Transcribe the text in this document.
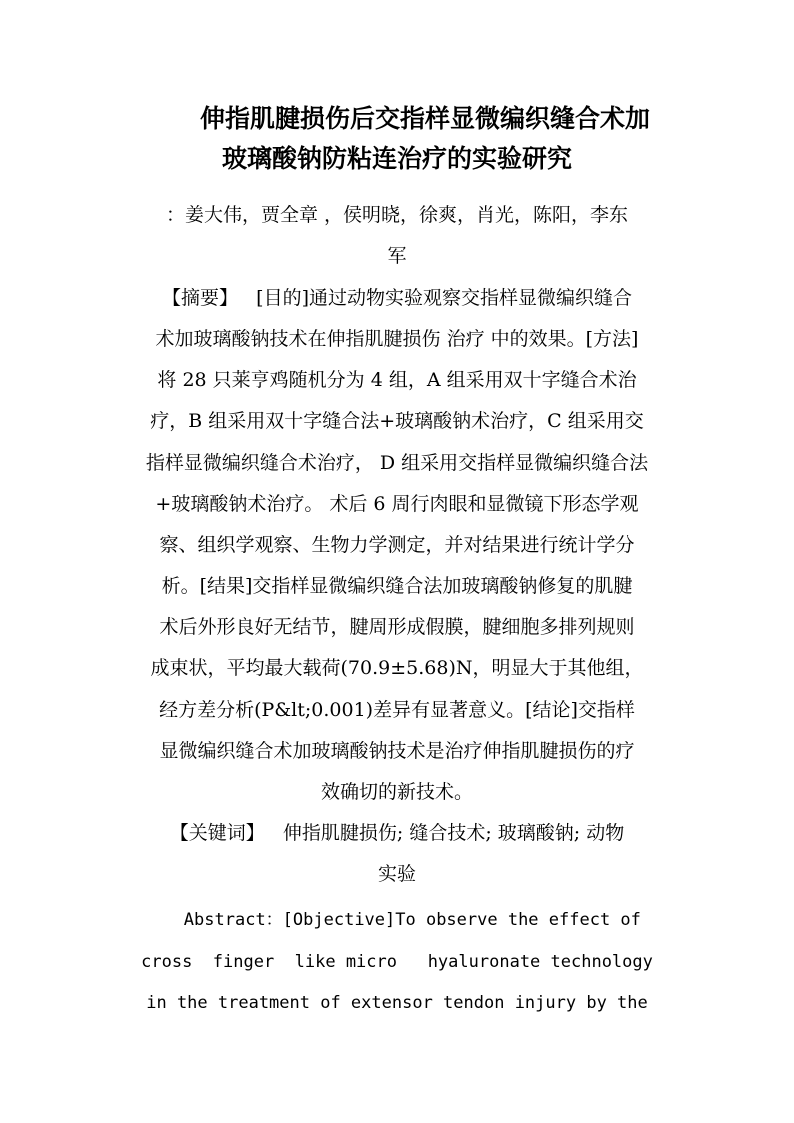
伸指肌腱损伤后交指样显微编织缝合术加
玻璃酸钠防粘连治疗的实验研究
：姜大伟，贾全章 ，侯明晓，徐爽，肖光，陈阳，李东
军
【摘要】 [目的]通过动物实验观察交指样显微编织缝合
术加玻璃酸钠技术在伸指肌腱损伤 治疗 中的效果。[方法]
将 28 只莱亨鸡随机分为 4 组，A 组采用双十字缝合术治
疗，B 组采用双十字缝合法+玻璃酸钠术治疗，C 组采用交
指样显微编织缝合术治疗， D 组采用交指样显微编织缝合法
+玻璃酸钠术治疗。 术后 6 周行肉眼和显微镜下形态学观
察、组织学观察、生物力学测定，并对结果进行统计学分
析。[结果]交指样显微编织缝合法加玻璃酸钠修复的肌腱
术后外形良好无结节，腱周形成假膜，腱细胞多排列规则
成束状，平均最大载荷(70.9±5.68)N，明显大于其他组，
经方差分析(P&lt;0.001)差异有显著意义。[结论]交指样
显微编织缝合术加玻璃酸钠技术是治疗伸指肌腱损伤的疗
效确切的新技术。
【关键词】 伸指肌腱损伤; 缝合技术; 玻璃酸钠; 动物
实验
Abstract：[Objective]To observe the effect of
cross  finger  like micro   hyaluronate technology
in the treatment of extensor tendon injury by the
